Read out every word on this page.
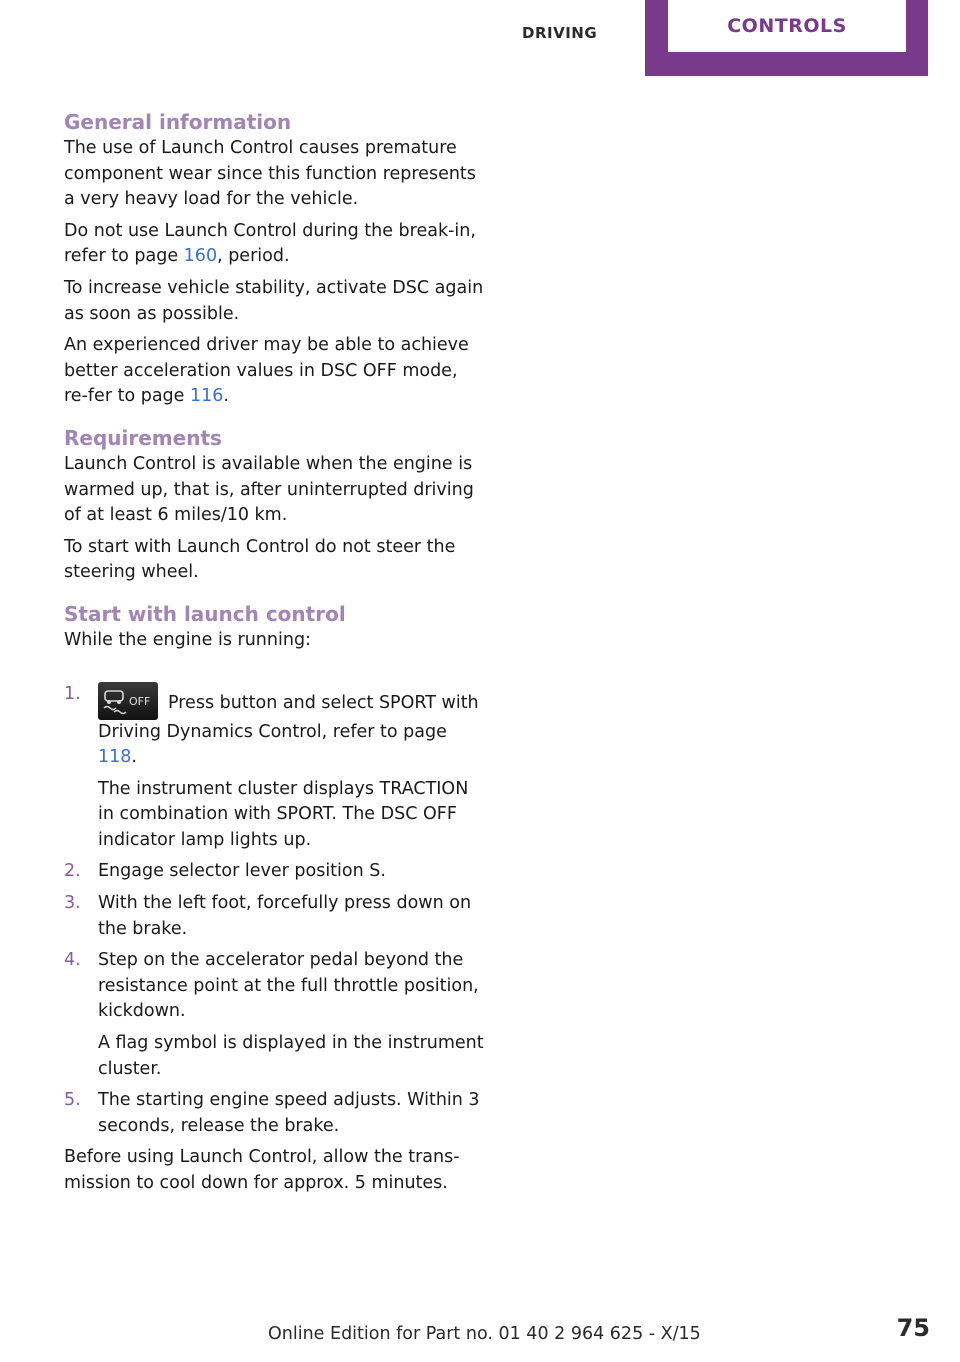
DRIVING	CONTROLS
General information

The use of Launch Control causes premature component wear since this function represents a very heavy load for the vehicle.

Do not use Launch Control during the break-in, refer to page 160, period.

To increase vehicle stability, activate DSC again as soon as possible.

An experienced driver may be able to achieve better acceleration values in DSC OFF mode, re‐fer to page 116.

Requirements

Launch Control is available when the engine is warmed up, that is, after uninterrupted driving of at least 6 miles/10 km.

To start with Launch Control do not steer the steering wheel.

Start with launch control

While the engine is running:

1.	OFF Press button and select SPORT with Driving Dynamics Control, refer to page 118.
The instrument cluster displays TRACTION in combination with SPORT. The DSC OFF indicator lamp lights up.
2. Engage selector lever position S.
3. With the left foot, forcefully press down on the brake.
4. Step on the accelerator pedal beyond the resistance point at the full throttle position, kickdown.
A flag symbol is displayed in the instrument cluster.
5. The starting engine speed adjusts. Within 3 seconds, release the brake.

Before using Launch Control, allow the trans‐mission to cool down for approx. 5 minutes.

Online Edition for Part no. 01 40 2 964 625 - X/15	75
